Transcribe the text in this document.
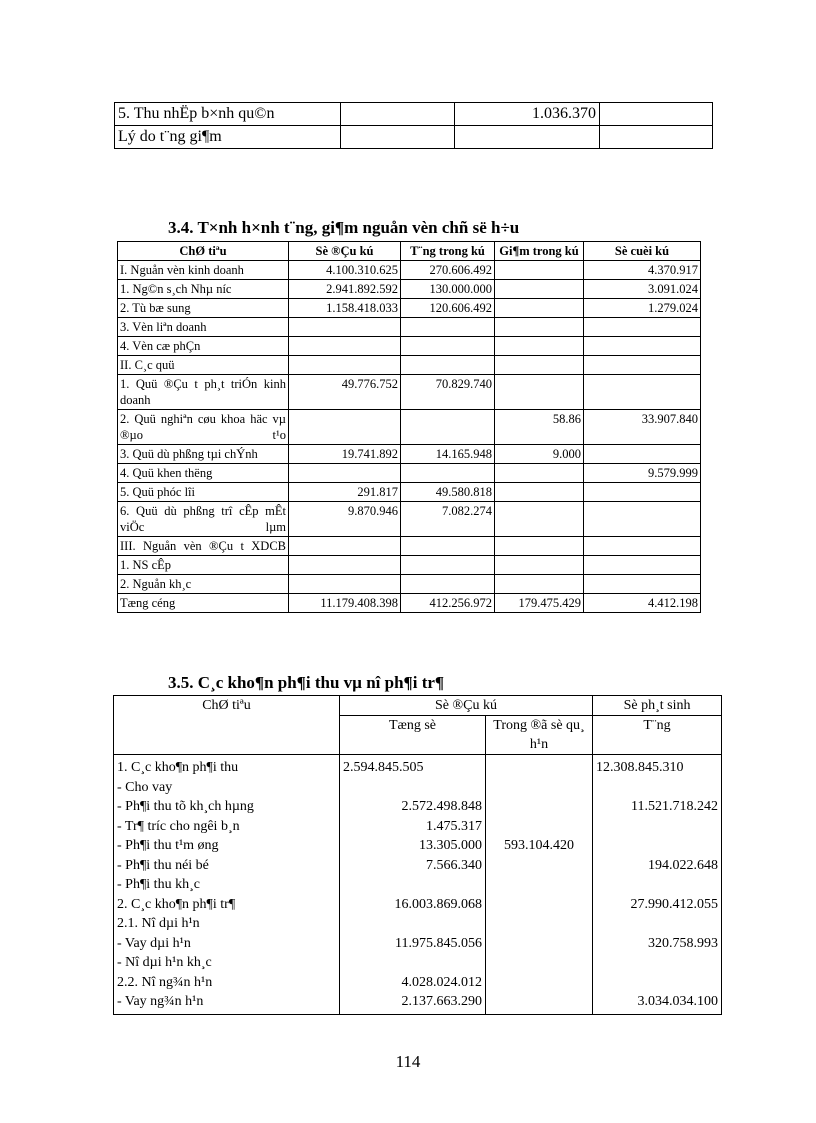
5. Thu nhËp b×nh qu©n		1.036.370	
Lý do t¨ng gi¶m			
3.4. T×nh h×nh t¨ng, gi¶m nguån vèn chñ së h÷u
ChØ tiªu	Sè ®Çu kú	T¨ng trong kú	Gi¶m trong kú	Sè cuèi kú
I. Nguån vèn kinh doanh	4.100.310.625	270.606.492		4.370.917
1. Ng©n s¸ch Nhµ níc	2.941.892.592	130.000.000		3.091.024
2. Tù bæ sung	1.158.418.033	120.606.492		1.279.024
3. Vèn liªn doanh				
4. Vèn cæ phÇn				
II. C¸c quü				
1. Quü ®Çu t ph¸t triÓn kinh doanh	49.776.752	70.829.740		
2. Quü nghiªn cøu khoa häc vµ ®µo t¹o			58.86	33.907.840
3. Quü dù phßng tµi chÝnh	19.741.892	14.165.948	9.000	
4. Quü khen thëng				9.579.999
5. Quü phóc lîi	291.817	49.580.818		
6. Quü dù phßng trî cÊp mÊt viÖc lµm	9.870.946	7.082.274		
III. Nguån vèn ®Çu t XDCB				
1. NS cÊp				
2. Nguån kh¸c				
Tæng céng	11.179.408.398	412.256.972	179.475.429	4.412.198
3.5. C¸c kho¶n ph¶i thu vµ nî ph¶i tr¶
ChØ tiªu	Sè ®Çu kú		Sè ph¸t sinh
	Tæng sè	Trong ®ã sè qu¸ h¹n	T¨ng
1. C¸c kho¶n ph¶i thu	2.594.845.505		12.308.845.310
- Cho vay			
- Ph¶i thu tõ kh¸ch hµng	2.572.498.848		11.521.718.242
- Tr¶ tríc cho ngêi b¸n	1.475.317		
- Ph¶i thu t¹m øng	13.305.000	593.104.420	
- Ph¶i thu néi bé	7.566.340		194.022.648
- Ph¶i thu kh¸c			
2. C¸c kho¶n ph¶i tr¶	16.003.869.068		27.990.412.055
2.1. Nî dµi h¹n			
- Vay dµi h¹n	11.975.845.056		320.758.993
- Nî dµi h¹n kh¸c			
2.2. Nî ng¾n h¹n	4.028.024.012		
- Vay ng¾n h¹n	2.137.663.290		3.034.034.100
114
